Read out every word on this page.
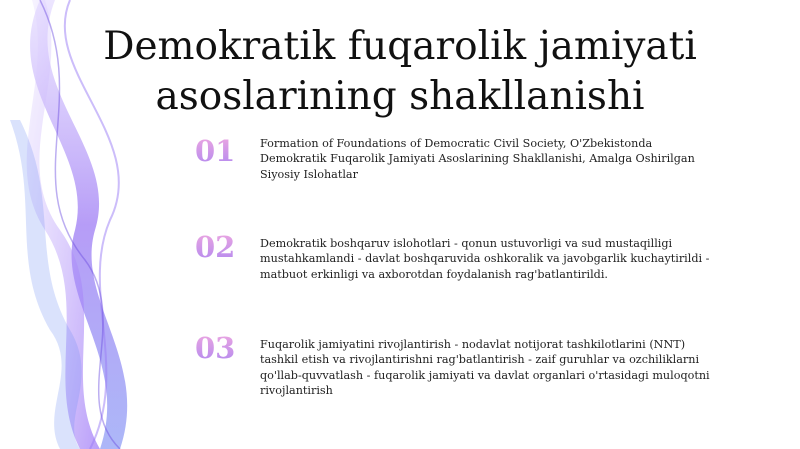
Demokratik fuqarolik jamiyati asoslarining shakllanishi
01	Formation of Foundations of Democratic Civil Society, O'Zbekistonda Demokratik Fuqarolik Jamiyati Asoslarining Shakllanishi, Amalga Oshirilgan Siyosiy Islohatlar
02	Demokratik boshqaruv islohotlari - qonun ustuvorligi va sud mustaqilligi mustahkamlandi - davlat boshqaruvida oshkoralik va javobgarlik kuchaytirildi - matbuot erkinligi va axborotdan foydalanish rag'batlantirildi.
03	Fuqarolik jamiyatini rivojlantirish - nodavlat notijorat tashkilotlarini (NNT) tashkil etish va rivojlantirishni rag'batlantirish - zaif guruhlar va ozchiliklarni qo'llab-quvvatlash - fuqarolik jamiyati va davlat organlari o'rtasidagi muloqotni rivojlantirish
